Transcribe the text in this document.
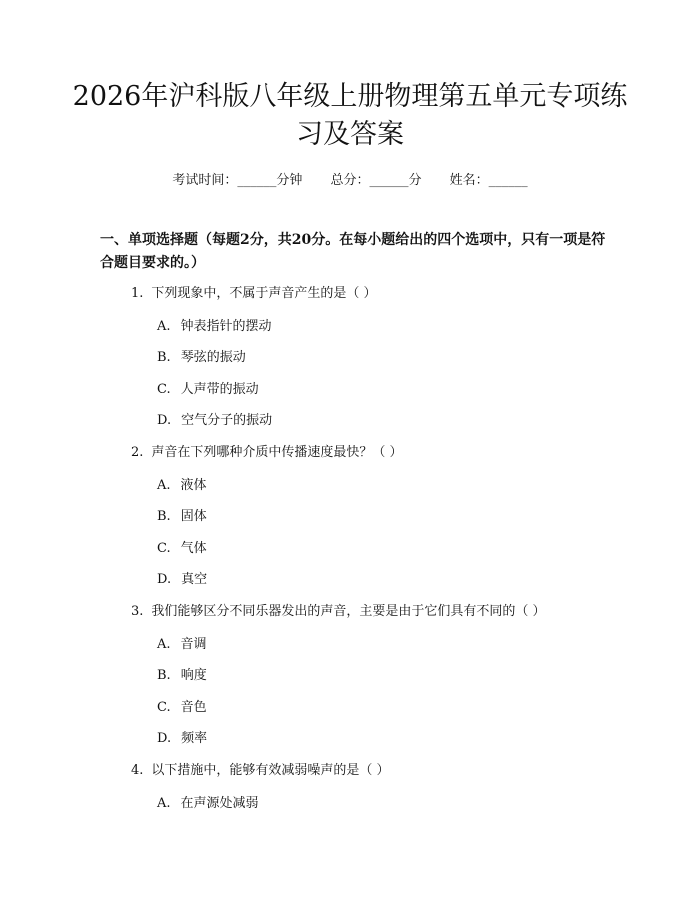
2026年沪科版八年级上册物理第五单元专项练习及答案
考试时间：______分钟 总分：______分 姓名：______

一、单项选择题（每题2分，共20分。在每小题给出的四个选项中，只有一项是符合题目要求的。）

1. 下列现象中，不属于声音产生的是（ ）
A. 钟表指针的摆动
B. 琴弦的振动
C. 人声带的振动
D. 空气分子的振动
2. 声音在下列哪种介质中传播速度最快？（ ）
A. 液体
B. 固体
C. 气体
D. 真空
3. 我们能够区分不同乐器发出的声音，主要是由于它们具有不同的（ ）
A. 音调
B. 响度
C. 音色
D. 频率
4. 以下措施中，能够有效减弱噪声的是（ ）
A. 在声源处减弱
